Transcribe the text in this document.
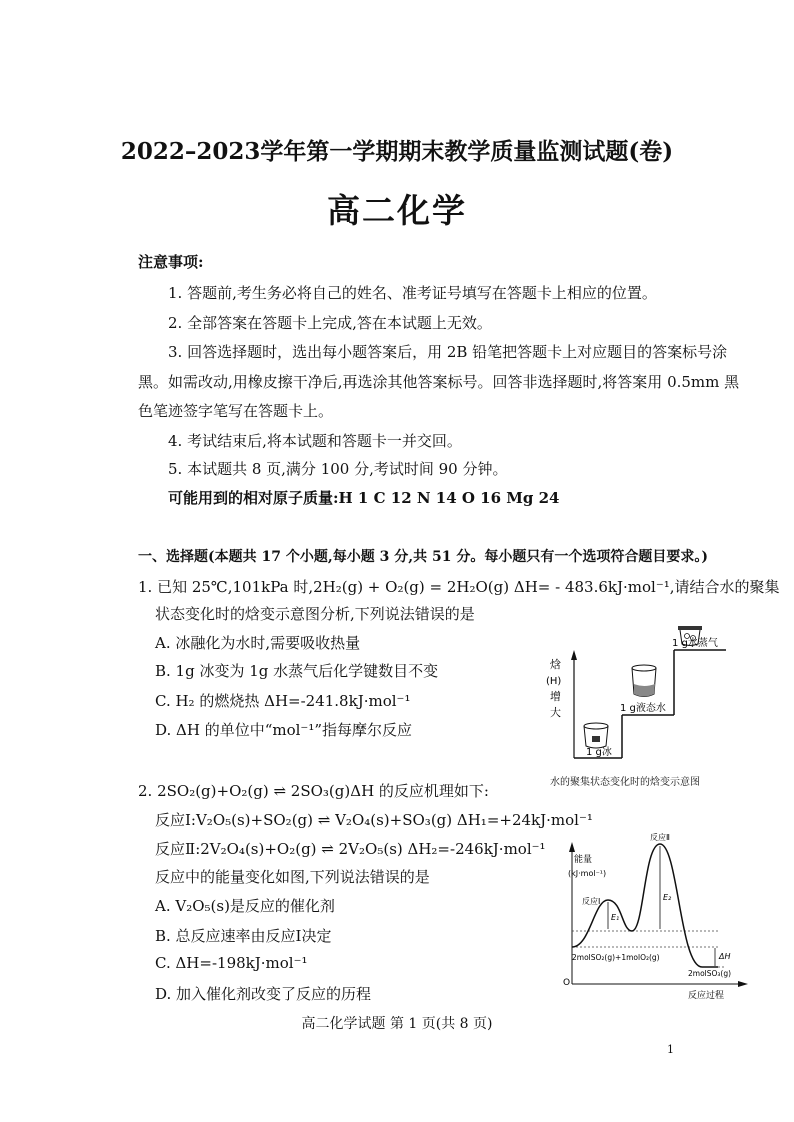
2022–2023学年第一学期期末教学质量监测试题(卷)
高二化学
注意事项:
1. 答题前,考生务必将自己的姓名、准考证号填写在答题卡上相应的位置。
2. 全部答案在答题卡上完成,答在本试题上无效。
3. 回答选择题时，选出每小题答案后，用 2B 铅笔把答题卡上对应题目的答案标号涂
黑。如需改动,用橡皮擦干净后,再选涂其他答案标号。回答非选择题时,将答案用 0.5mm 黑
色笔迹签字笔写在答题卡上。
4. 考试结束后,将本试题和答题卡一并交回。
5. 本试题共 8 页,满分 100 分,考试时间 90 分钟。
可能用到的相对原子质量:H 1 C 12 N 14 O 16 Mg 24
一、选择题(本题共 17 个小题,每小题 3 分,共 51 分。每小题只有一个选项符合题目要求。)
1. 已知 25℃,101kPa 时,2H₂(g) + O₂(g) = 2H₂O(g) ΔH= - 483.6kJ·mol⁻¹,请结合水的聚集
状态变化时的焓变示意图分析,下列说法错误的是
A. 冰融化为水时,需要吸收热量
B. 1g 冰变为 1g 水蒸气后化学键数目不变
C. H₂ 的燃烧热 ΔH=-241.8kJ·mol⁻¹
D. ΔH 的单位中“mol⁻¹”指每摩尔反应
焓
(H)
增
大
1 g冰
1 g液态水
1 g水蒸气
水的聚集状态变化时的焓变示意图
2. 2SO₂(g)+O₂(g) ⇌ 2SO₃(g)ΔH 的反应机理如下:
反应Ⅰ:V₂O₅(s)+SO₂(g) ⇌ V₂O₄(s)+SO₃(g) ΔH₁=+24kJ·mol⁻¹
反应Ⅱ:2V₂O₄(s)+O₂(g) ⇌ 2V₂O₅(s) ΔH₂=-246kJ·mol⁻¹
反应中的能量变化如图,下列说法错误的是
A. V₂O₅(s)是反应的催化剂
B. 总反应速率由反应Ⅰ决定
C. ΔH=-198kJ·mol⁻¹
D. 加入催化剂改变了反应的历程
O
能量
(kJ·mol⁻¹)
反应过程
E₁
E₂
ΔH
反应Ⅰ
反应Ⅱ
2molSO₂(g)+1molO₂(g)
2molSO₃(g)
高二化学试题 第 1 页(共 8 页)
1
